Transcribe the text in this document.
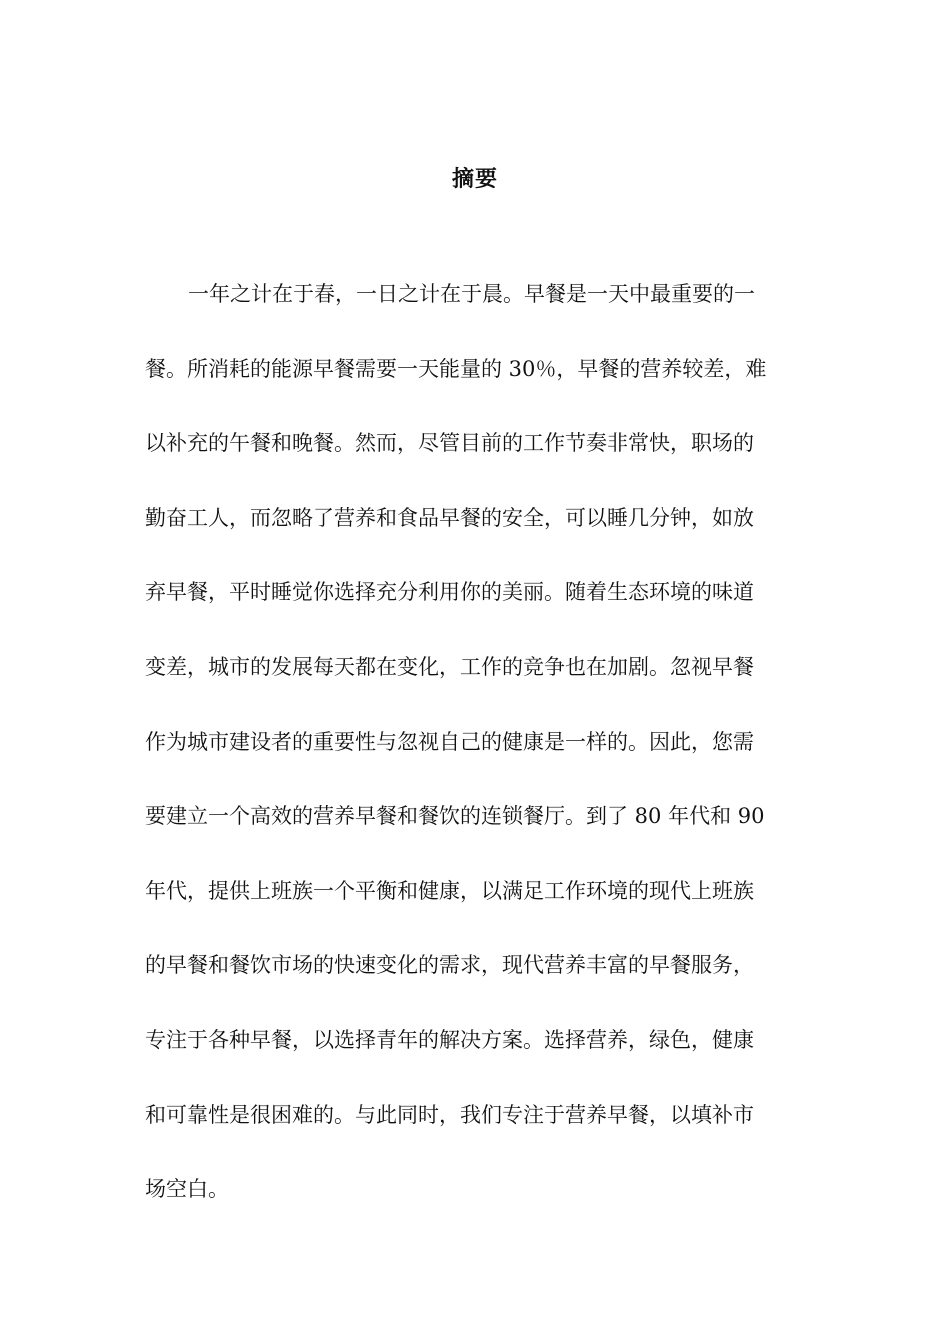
摘要

一年之计在于春，一日之计在于晨。早餐是一天中最重要的一

餐。所消耗的能源早餐需要一天能量的 30％，早餐的营养较差，难

以补充的午餐和晚餐。然而，尽管目前的工作节奏非常快，职场的

勤奋工人，而忽略了营养和食品早餐的安全，可以睡几分钟，如放

弃早餐，平时睡觉你选择充分利用你的美丽。随着生态环境的味道

变差，城市的发展每天都在变化，工作的竞争也在加剧。忽视早餐

作为城市建设者的重要性与忽视自己的健康是一样的。因此，您需

要建立一个高效的营养早餐和餐饮的连锁餐厅。到了 80 年代和 90

年代，提供上班族一个平衡和健康，以满足工作环境的现代上班族

的早餐和餐饮市场的快速变化的需求，现代营养丰富的早餐服务，

专注于各种早餐，以选择青年的解决方案。选择营养，绿色，健康

和可靠性是很困难的。与此同时，我们专注于营养早餐，以填补市

场空白。
